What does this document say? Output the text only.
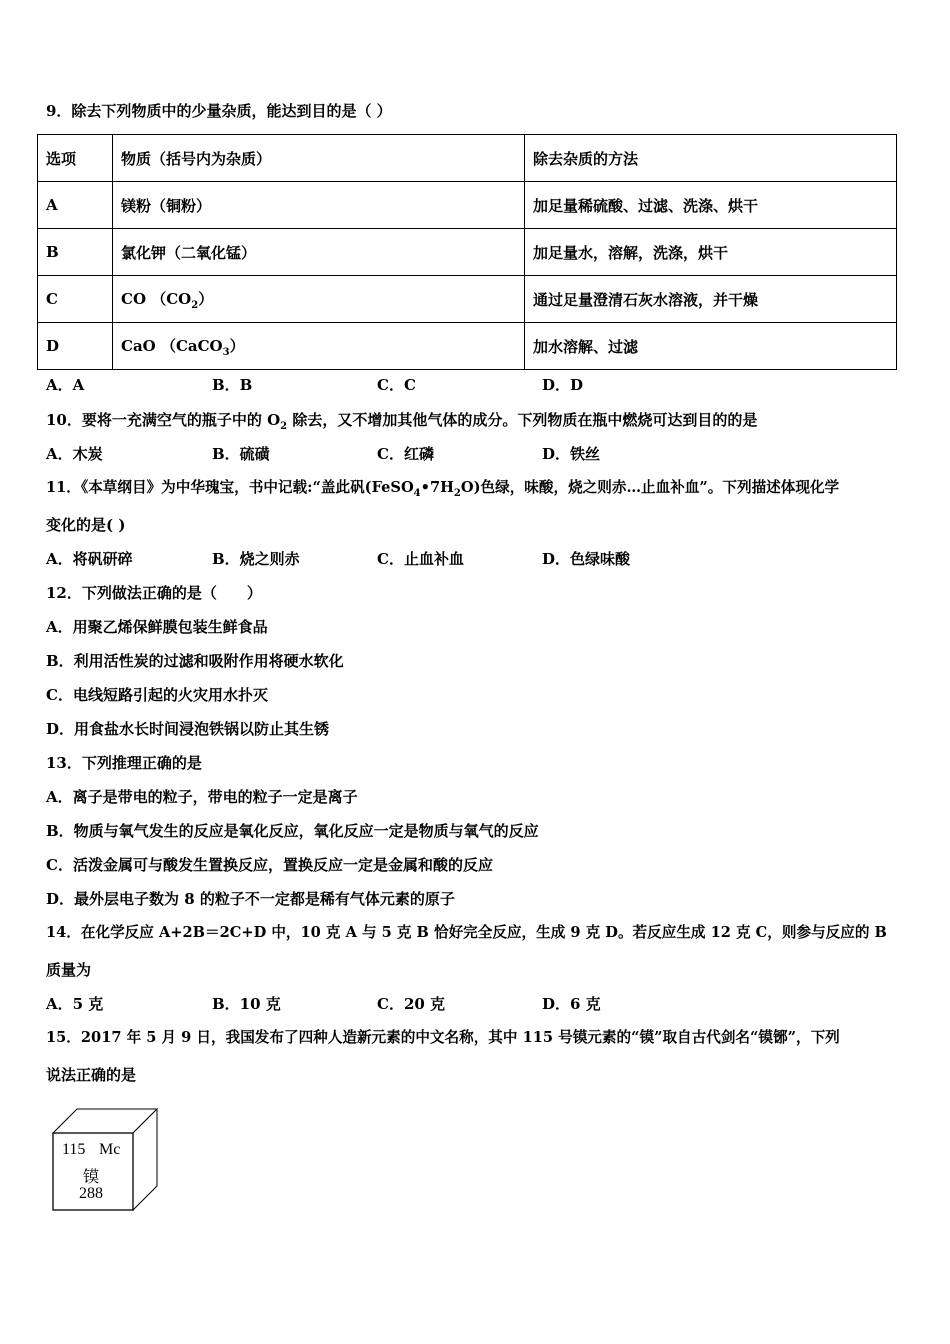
9．除去下列物质中的少量杂质，能达到目的是（ ）
选项	物质（括号内为杂质）	除去杂质的方法
A	镁粉（铜粉）	加足量稀硫酸、过滤、洗涤、烘干
B	氯化钾（二氧化锰）	加足量水，溶解，洗涤，烘干
C	CO $(CO_2)$	通过足量澄清石灰水溶液，并干燥
D	CaO （CaCO$_3$）	加水溶解、过滤
A．A	B．B	C．C	D．D
10．要将一充满空气的瓶子中的 $O_2$ 除去，又不增加其他气体的成分。下列物质在瓶中燃烧可达到目的的是
A．木炭	B．硫磺	C．红磷	D．铁丝
11．《本草纲目》为中华瑰宝，书中记载:“盖此矾$(FeSO_4•7H_2O)$色绿，味酸，烧之则赤…止血补血”。下列描述体现化学
变化的是( )
A．将矾研碎	B．烧之则赤	C．止血补血	D．色绿味酸
12．下列做法正确的是（　　）
A．用聚乙烯保鲜膜包装生鲜食品
B．利用活性炭的过滤和吸附作用将硬水软化
C．电线短路引起的火灾用水扑灭
D．用食盐水长时间浸泡铁锅以防止其生锈
13．下列推理正确的是
A．离子是带电的粒子，带电的粒子一定是离子
B．物质与氧气发生的反应是氧化反应，氧化反应一定是物质与氧气的反应
C．活泼金属可与酸发生置换反应，置换反应一定是金属和酸的反应
D．最外层电子数为 8 的粒子不一定都是稀有气体元素的原子
14．在化学反应 A+2B＝2C+D 中，10 克 A 与 5 克 B 恰好完全反应，生成 9 克 D。若反应生成 12 克 C，则参与反应的 B
质量为
A．5 克	B．10 克	C．20 克	D．6 克
15．2017 年 5 月 9 日，我国发布了四种人造新元素的中文名称，其中 115 号镆元素的“镆”取自古代剑名“镆铘”，下列
说法正确的是
115 Mc
镆
288
